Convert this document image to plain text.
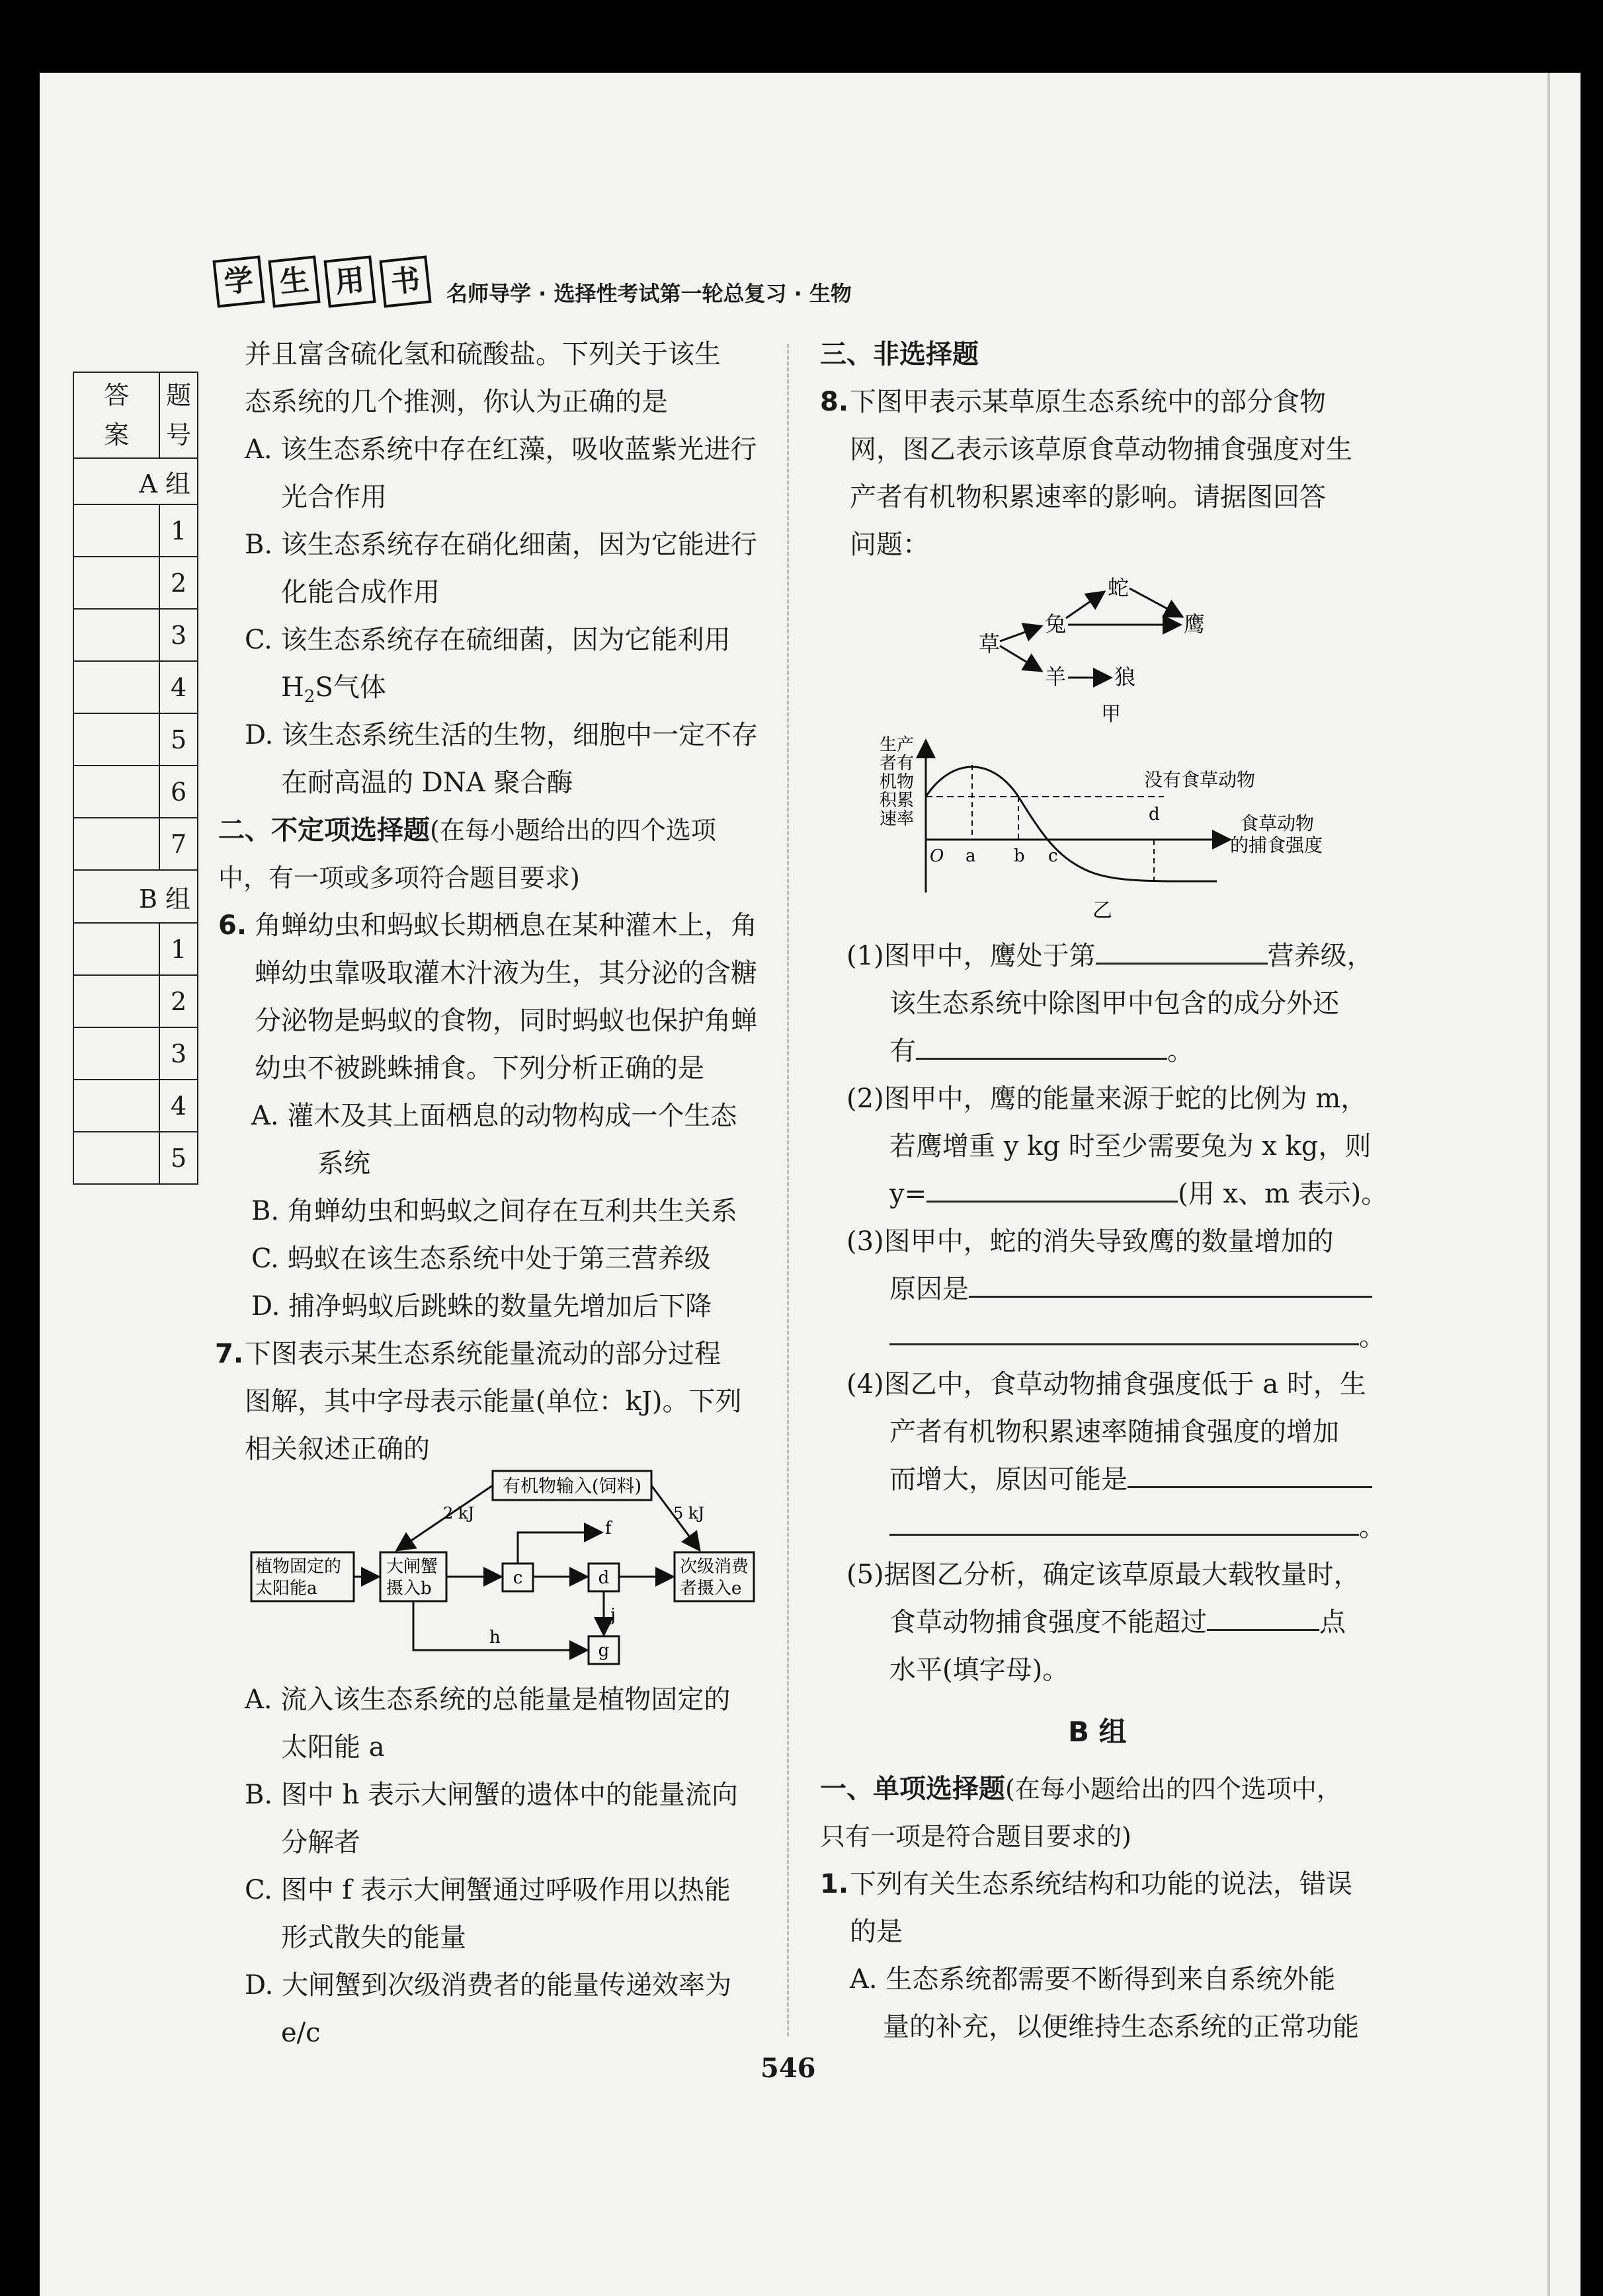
学 生 用 书	名师导学 · 选择性考试第一轮总复习 · 生物
答案	题号
A 组	
	1
	2
	3
	4
	5
	6
	7
B 组	
	1
	2
	3
	4
	5
并且富含硫化氢和硫酸盐。下列关于该生
态系统的几个推测，你认为正确的是
A. 该生态系统中存在红藻，吸收蓝紫光进行
光合作用
B. 该生态系统存在硝化细菌，因为它能进行
化能合成作用
C. 该生态系统存在硫细菌，因为它能利用
$H_2S$气体
D. 该生态系统生活的生物，细胞中一定不存
在耐高温的 DNA 聚合酶
二、不定项选择题(在每小题给出的四个选项
中，有一项或多项符合题目要求)
6. 角蝉幼虫和蚂蚁长期栖息在某种灌木上，角
蝉幼虫靠吸取灌木汁液为生，其分泌的含糖
分泌物是蚂蚁的食物，同时蚂蚁也保护角蝉
幼虫不被跳蛛捕食。下列分析正确的是
A. 灌木及其上面栖息的动物构成一个生态
系统
B. 角蝉幼虫和蚂蚁之间存在互利共生关系
C. 蚂蚁在该生态系统中处于第三营养级
D. 捕净蚂蚁后跳蛛的数量先增加后下降
7. 下图表示某生态系统能量流动的部分过程
图解，其中字母表示能量(单位：kJ)。下列
相关叙述正确的
有机物输入(饲料)
2 kJ	5 kJ
植物固定的
太阳能a
大闸蟹
摄入b
c	d
f
次级消费
者摄入e
j
g
h
A. 流入该生态系统的总能量是植物固定的
太阳能 a
B. 图中 h 表示大闸蟹的遗体中的能量流向
分解者
C. 图中 f 表示大闸蟹通过呼吸作用以热能
形式散失的能量
D. 大闸蟹到次级消费者的能量传递效率为
e/c
三、非选择题
8. 下图甲表示某草原生态系统中的部分食物
网，图乙表示该草原食草动物捕食强度对生
产者有机物积累速率的影响。请据图回答
问题：
草
兔
蛇
鹰
羊 狼
甲
生产
者有
机物
积累
速率
没有食草动物
O a b c
d	食草动物
的捕食强度
乙
(1)图甲中，鹰处于第	营养级，
该生态系统中除图甲中包含的成分外还
有	。
(2)图甲中，鹰的能量来源于蛇的比例为 m，
若鹰增重 y kg 时至少需要兔为 x kg，则
y=	(用 x、m 表示)。
(3)图甲中，蛇的消失导致鹰的数量增加的
原因是
。
(4)图乙中，食草动物捕食强度低于 a 时，生
产者有机物积累速率随捕食强度的增加
而增大，原因可能是
。
(5)据图乙分析，确定该草原最大载牧量时，
食草动物捕食强度不能超过	点
水平(填字母)。
B 组
一、单项选择题(在每小题给出的四个选项中，
只有一项是符合题目要求的)
1. 下列有关生态系统结构和功能的说法，错误
的是
A. 生态系统都需要不断得到来自系统外能
量的补充，以便维持生态系统的正常功能
546
